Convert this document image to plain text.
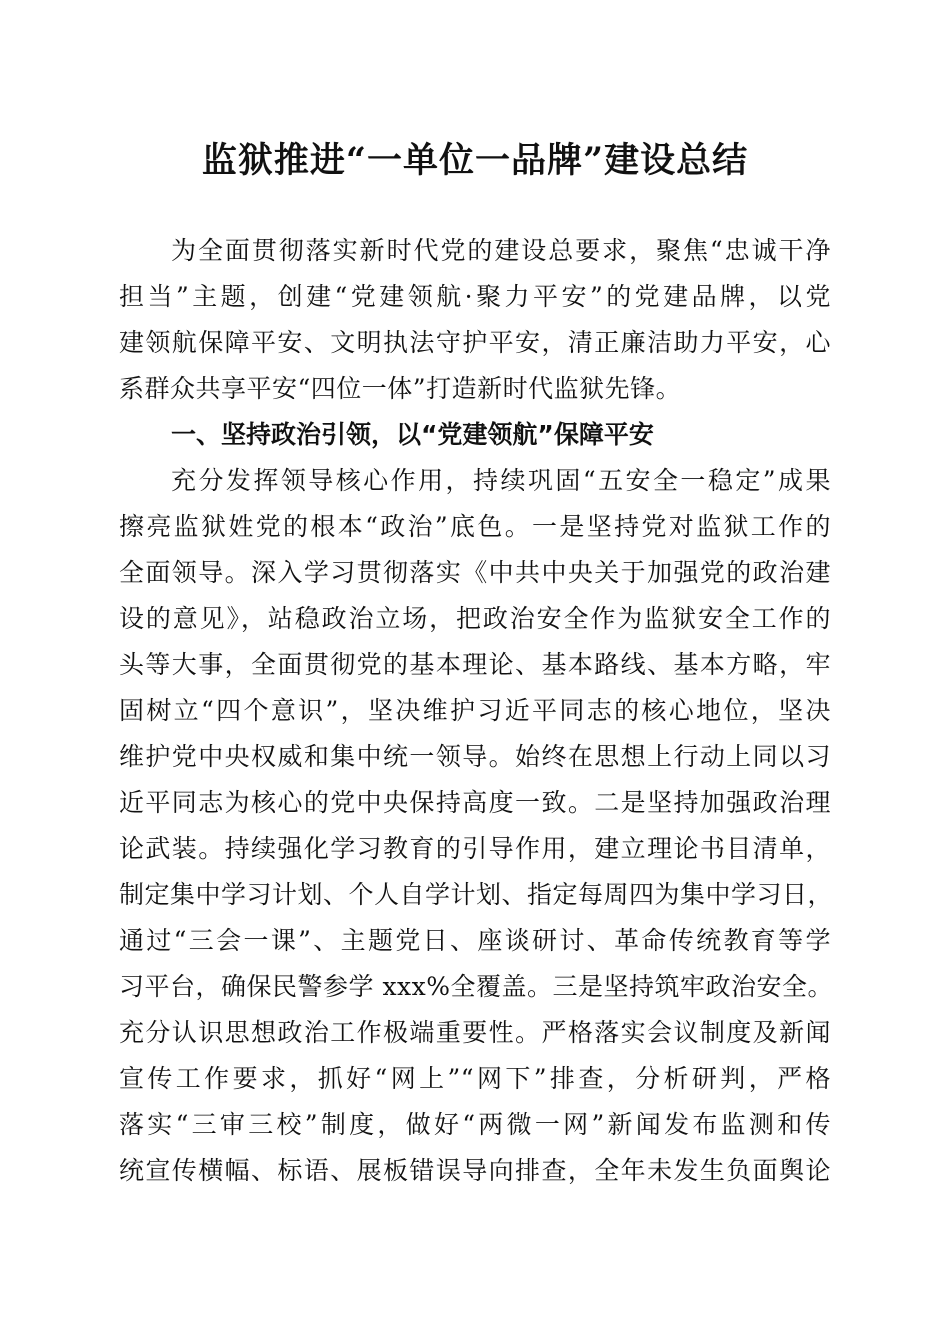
监狱推进“一单位一品牌”建设总结
为全面贯彻落实新时代党的建设总要求，聚焦“忠诚干净
担当”主题，创建“党建领航·聚力平安”的党建品牌，以党
建领航保障平安、文明执法守护平安，清正廉洁助力平安，心
系群众共享平安“四位一体”打造新时代监狱先锋。
一、坚持政治引领，以“党建领航”保障平安
充分发挥领导核心作用，持续巩固“五安全一稳定”成果
擦亮监狱姓党的根本“政治”底色。一是坚持党对监狱工作的
全面领导。深入学习贯彻落实《中共中央关于加强党的政治建
设的意见》，站稳政治立场，把政治安全作为监狱安全工作的
头等大事，全面贯彻党的基本理论、基本路线、基本方略，牢
固树立“四个意识”，坚决维护习近平同志的核心地位，坚决
维护党中央权威和集中统一领导。始终在思想上行动上同以习
近平同志为核心的党中央保持高度一致。二是坚持加强政治理
论武装。持续强化学习教育的引导作用，建立理论书目清单，
制定集中学习计划、个人自学计划、指定每周四为集中学习日，
通过“三会一课”、主题党日、座谈研讨、革命传统教育等学
习平台，确保民警参学 xxx%全覆盖。三是坚持筑牢政治安全。
充分认识思想政治工作极端重要性。严格落实会议制度及新闻
宣传工作要求，抓好“网上”“网下”排查，分析研判，严格
落实“三审三校”制度，做好“两微一网”新闻发布监测和传
统宣传横幅、标语、展板错误导向排查，全年未发生负面舆论
